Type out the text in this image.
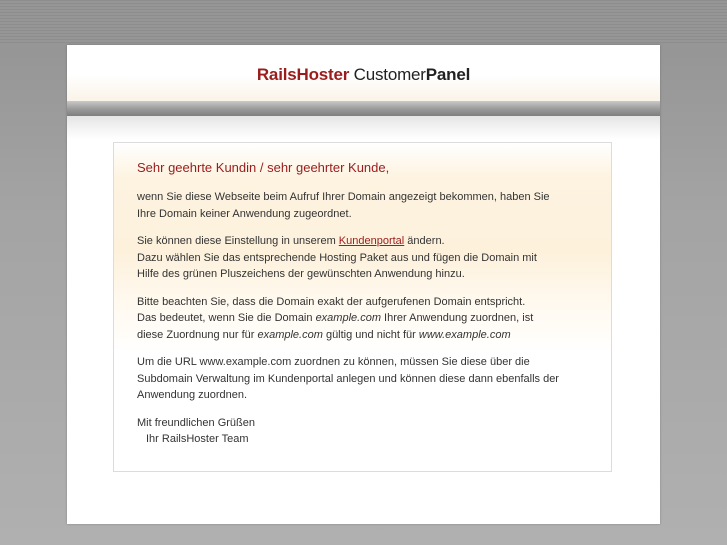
RailsHoster CustomerPanel

Sehr geehrte Kundin / sehr geehrter Kunde,

wenn Sie diese Webseite beim Aufruf Ihrer Domain angezeigt bekommen, haben Sie
Ihre Domain keiner Anwendung zugeordnet.

Sie können diese Einstellung in unserem Kundenportal ändern.
Dazu wählen Sie das entsprechende Hosting Paket aus und fügen die Domain mit
Hilfe des grünen Pluszeichens der gewünschten Anwendung hinzu.

Bitte beachten Sie, dass die Domain exakt der aufgerufenen Domain entspricht.
Das bedeutet, wenn Sie die Domain example.com Ihrer Anwendung zuordnen, ist
diese Zuordnung nur für example.com gültig und nicht für www.example.com

Um die URL www.example.com zuordnen zu können, müssen Sie diese über die
Subdomain Verwaltung im Kundenportal anlegen und können diese dann ebenfalls der
Anwendung zuordnen.

Mit freundlichen Grüßen
Ihr RailsHoster Team
